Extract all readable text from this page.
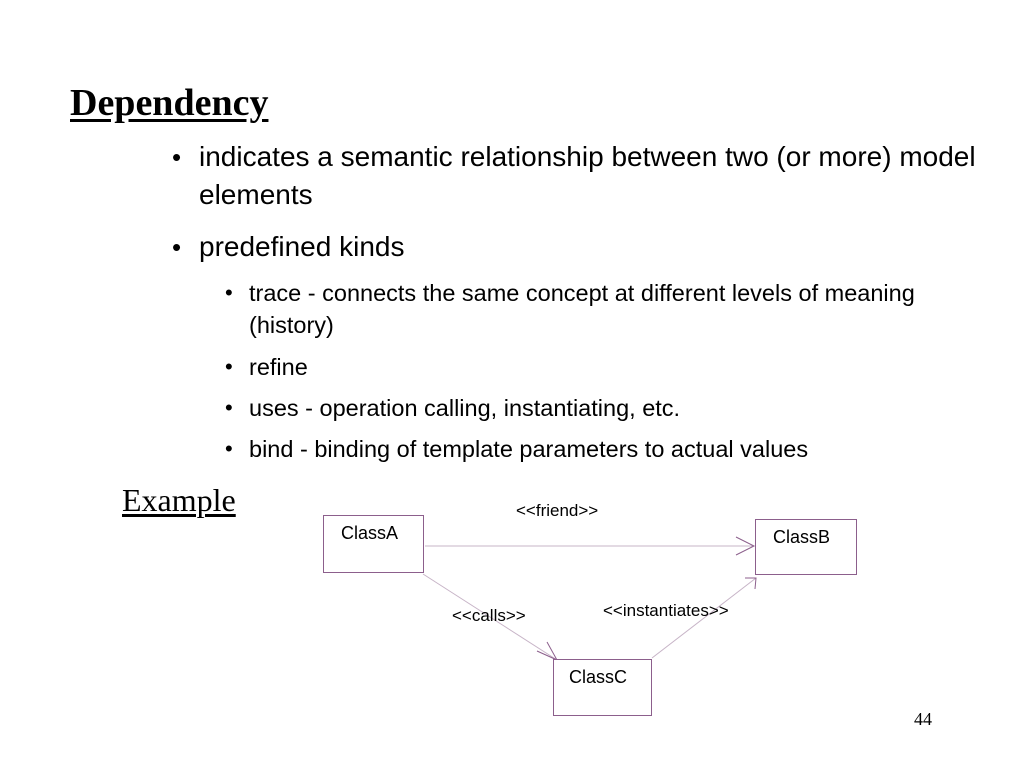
Dependency
• indicates a semantic relationship between two (or more) model elements
• predefined kinds
• trace - connects the same concept at different levels of meaning (history)
• refine
• uses - operation calling, instantiating, etc.
• bind - binding of template parameters to actual values
Example
ClassA	ClassB
ClassC
<<friend>>
<<calls>>	<<instantiates>>
44
